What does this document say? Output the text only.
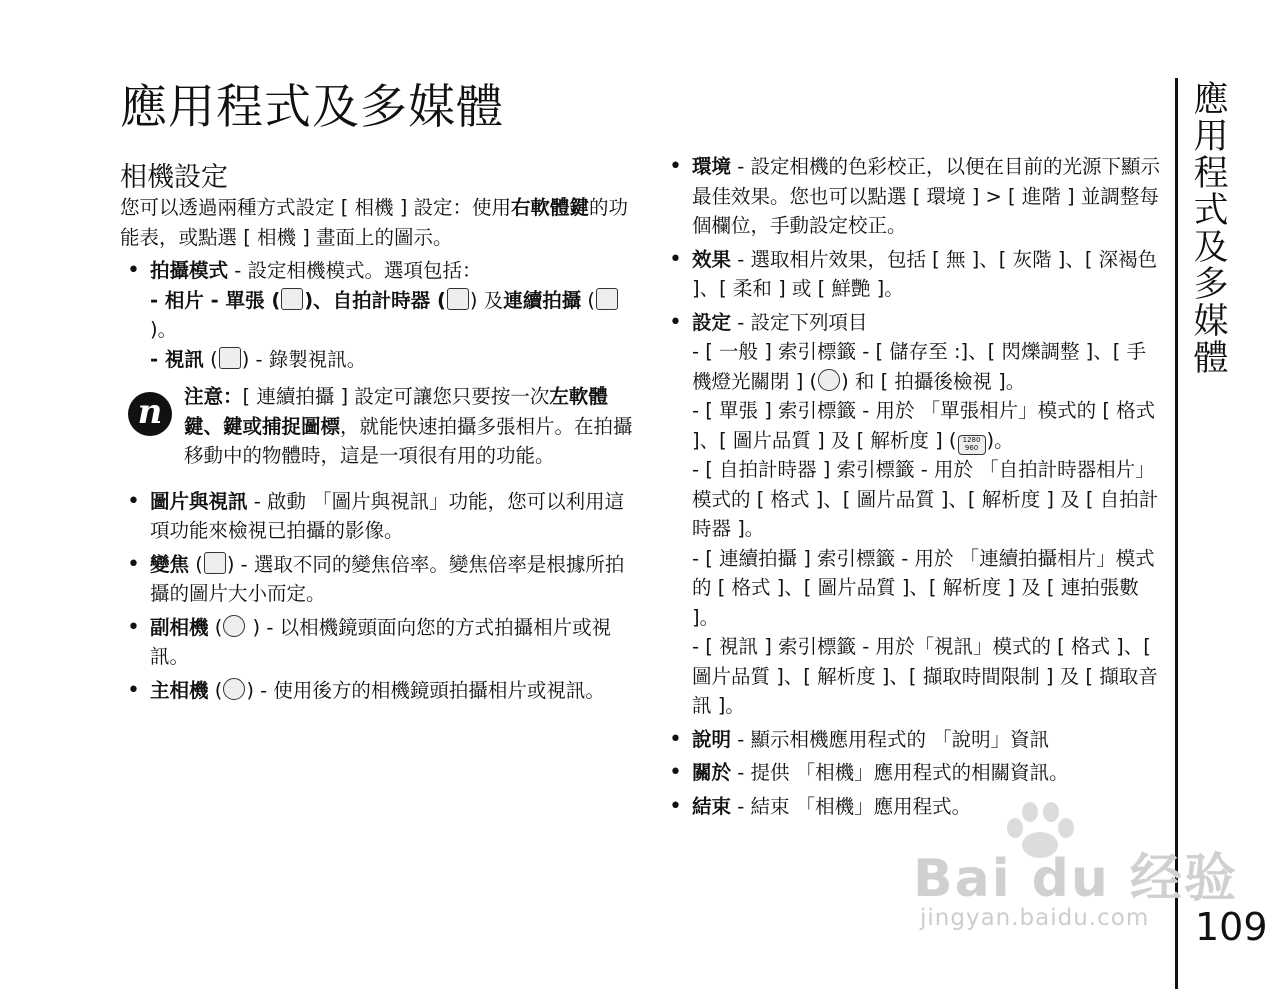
應用程式及多媒體
相機設定

您可以透過兩種方式設定 [ 相機 ] 設定：使用右軟體鍵的功能表，或點選 [ 相機 ] 畫面上的圖示。

• 拍攝模式 - 設定相機模式。選項包括：
- 相片 - 單張 ( )、自拍計時器 ( ) 及連續拍攝 ()。
- 視訊 ( ) - 錄製視訊。
n	注意：[ 連續拍攝 ] 設定可讓您只要按一次左軟體鍵、鍵或捕捉圖標，就能快速拍攝多張相片。在拍攝移動中的物體時，這是一項很有用的功能。
• 圖片與視訊 - 啟動 「圖片與視訊」功能，您可以利用這項功能來檢視已拍攝的影像。
• 變焦 ( ) - 選取不同的變焦倍率。變焦倍率是根據所拍攝的圖片大小而定。
• 副相機 ( ) - 以相機鏡頭面向您的方式拍攝相片或視訊。
• 主相機 ( ) - 使用後方的相機鏡頭拍攝相片或視訊。
• 環境 - 設定相機的色彩校正，以便在目前的光源下顯示最佳效果。您也可以點選 [ 環境 ] > [ 進階 ] 並調整每個欄位，手動設定校正。
• 效果 - 選取相片效果，包括 [ 無 ]、[ 灰階 ]、[ 深褐色 ]、[ 柔和 ] 或 [ 鮮艷 ]。
• 設定 - 設定下列項目
- [ 一般 ] 索引標籤 - [ 儲存至 :]、[ 閃爍調整 ]、[ 手機燈光關閉 ] ( ) 和 [ 拍攝後檢視 ]。
- [ 單張 ] 索引標籤 - 用於 「單張相片」模式的 [ 格式 ]、[ 圖片品質 ] 及 [ 解析度 ] ( 1280
960 )。
- [ 自拍計時器 ] 索引標籤 - 用於 「自拍計時器相片」模式的 [ 格式 ]、[ 圖片品質 ]、[ 解析度 ] 及 [ 自拍計時器 ]。
- [ 連續拍攝 ] 索引標籤 - 用於 「連續拍攝相片」模式的 [ 格式 ]、[ 圖片品質 ]、[ 解析度 ] 及 [ 連拍張數 ]。
- [ 視訊 ] 索引標籤 - 用於「視訊」模式的 [ 格式 ]、[ 圖片品質 ]、[ 解析度 ]、[ 擷取時間限制 ] 及 [ 擷取音訊 ]。
• 說明 - 顯示相機應用程式的 「說明」資訊
• 關於 - 提供 「相機」應用程式的相關資訊。
• 結束 - 結束 「相機」應用程式。
應用程式及多媒體
109
Bai du 经验
jingyan.baidu.com
